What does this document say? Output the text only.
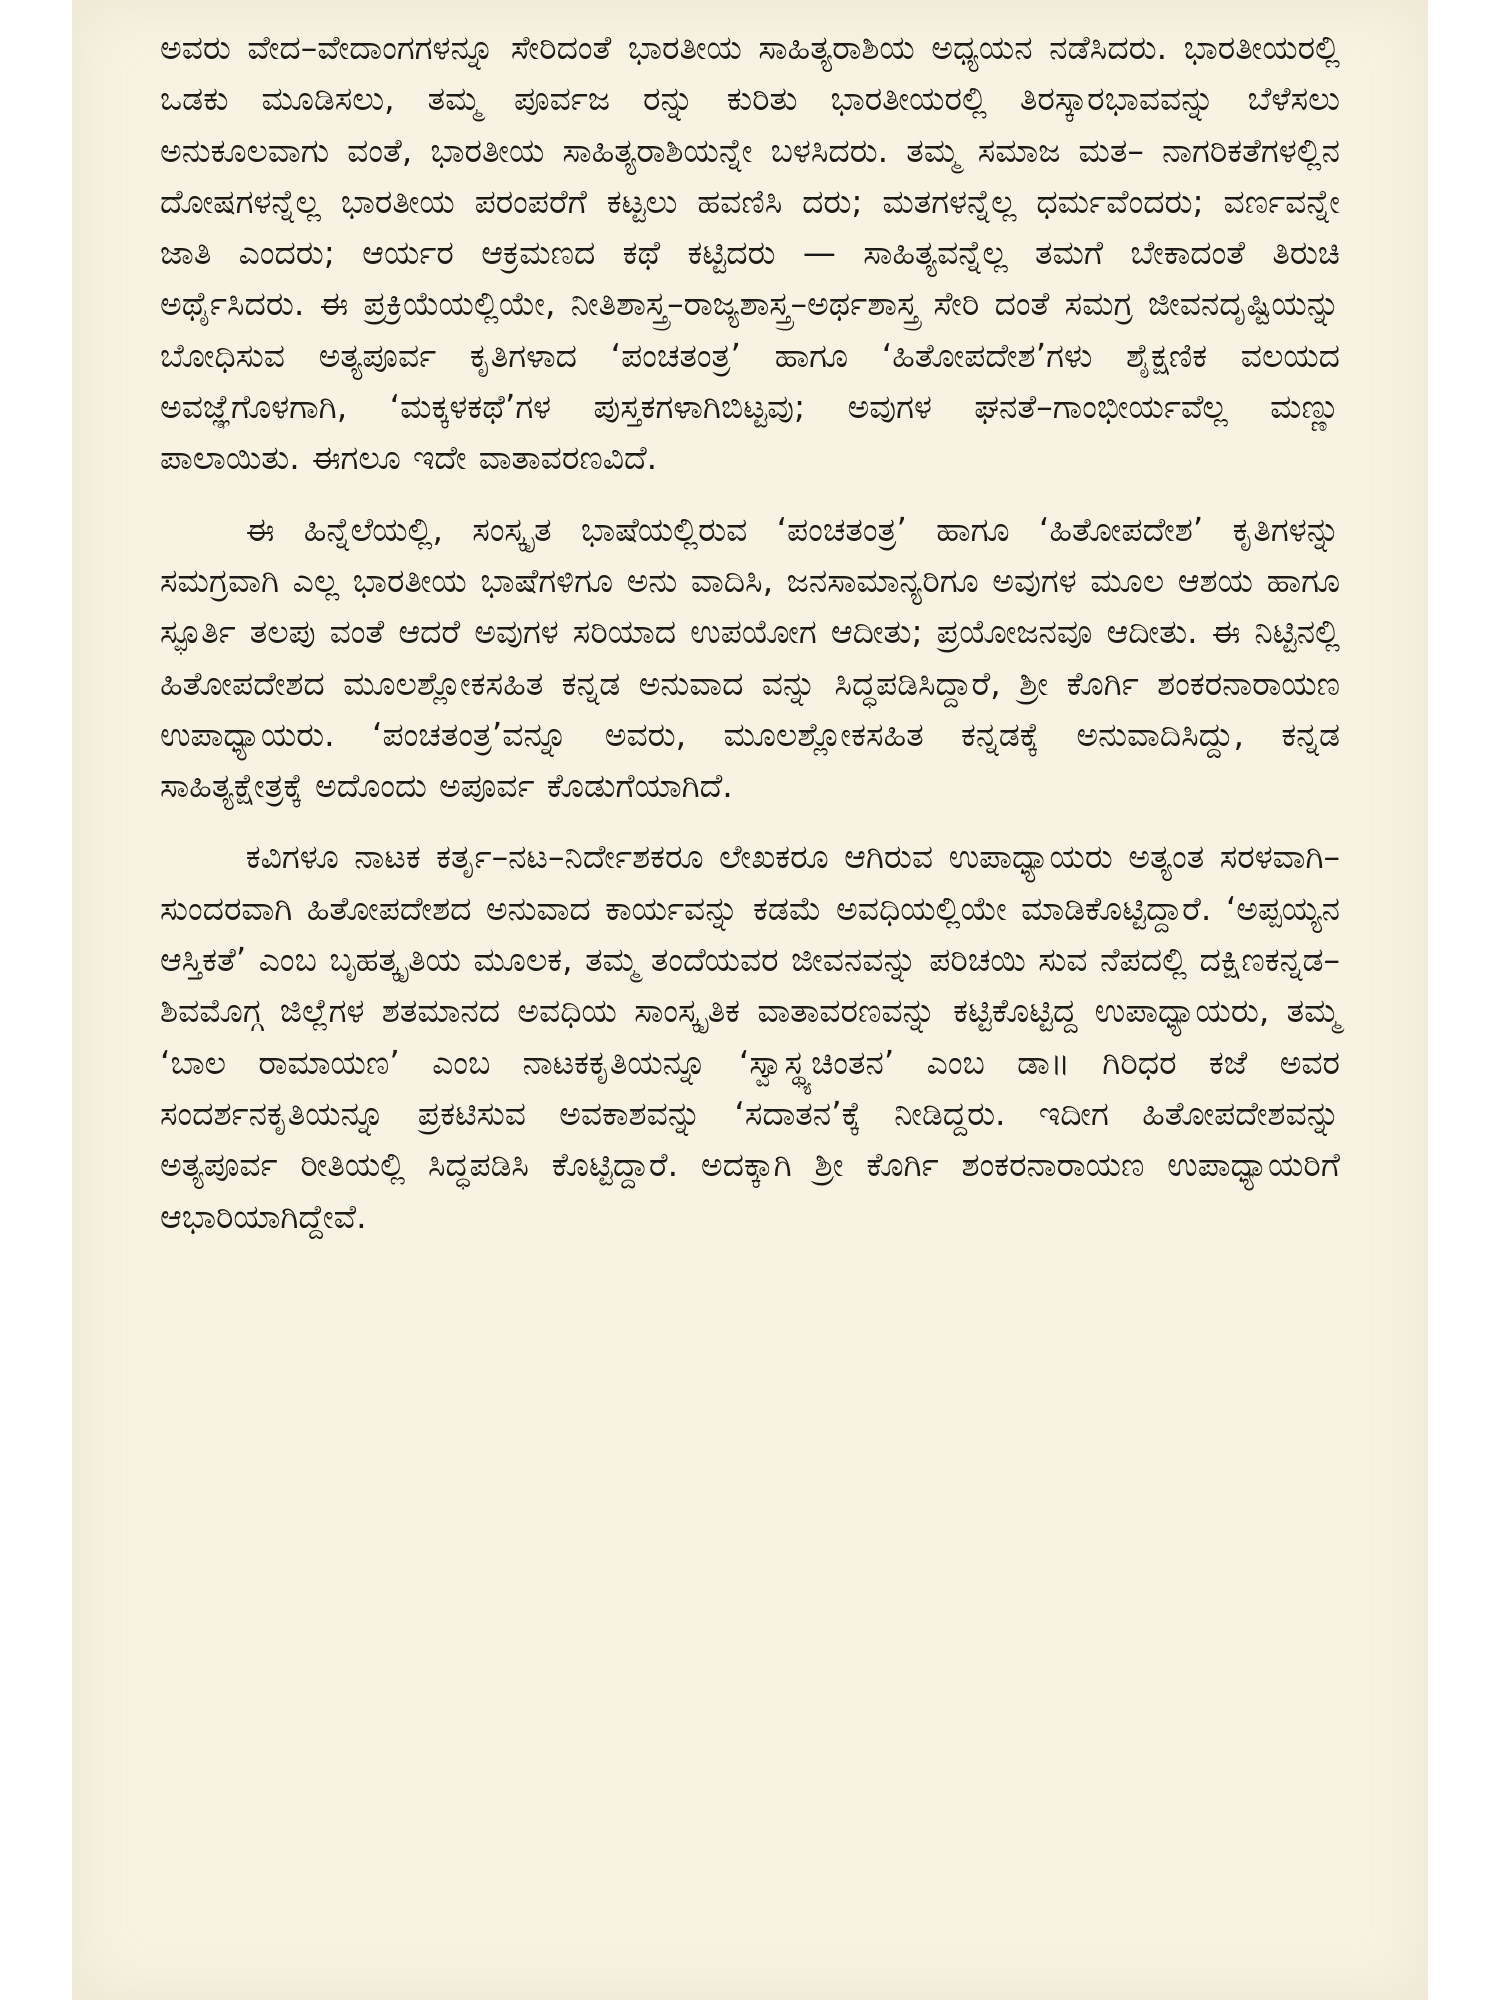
ಅವರು ವೇದ–ವೇದಾಂಗಗಳನ್ನೂ ಸೇರಿದಂತೆ ಭಾರತೀಯ ಸಾಹಿತ್ಯರಾಶಿಯ ಅಧ್ಯಯನ ನಡೆಸಿದರು. ಭಾರತೀಯರಲ್ಲಿ ಒಡಕು ಮೂಡಿಸಲು, ತಮ್ಮ ಪೂರ್ವಜ ರನ್ನು ಕುರಿತು ಭಾರತೀಯರಲ್ಲಿ ತಿರಸ್ಕಾರಭಾವವನ್ನು ಬೆಳೆಸಲು ಅನುಕೂಲವಾಗು ವಂತೆ, ಭಾರತೀಯ ಸಾಹಿತ್ಯರಾಶಿಯನ್ನೇ ಬಳಸಿದರು. ತಮ್ಮ ಸಮಾಜ ಮತ– ನಾಗರಿಕತೆಗಳಲ್ಲಿನ ದೋಷಗಳನ್ನೆಲ್ಲ ಭಾರತೀಯ ಪರಂಪರೆಗೆ ಕಟ್ಟಲು ಹವಣಿಸಿ ದರು; ಮತಗಳನ್ನೆಲ್ಲ ಧರ್ಮವೆಂದರು; ವರ್ಣವನ್ನೇ ಜಾತಿ ಎಂದರು; ಆರ್ಯರ ಆಕ್ರಮಣದ ಕಥೆ ಕಟ್ಟಿದರು — ಸಾಹಿತ್ಯವನ್ನೆಲ್ಲ ತಮಗೆ ಬೇಕಾದಂತೆ ತಿರುಚಿ ಅರ್ಥೈಸಿದರು. ಈ ಪ್ರಕ್ರಿಯೆಯಲ್ಲಿಯೇ, ನೀತಿಶಾಸ್ತ್ರ–ರಾಜ್ಯಶಾಸ್ತ್ರ–ಅರ್ಥಶಾಸ್ತ್ರ ಸೇರಿ ದಂತೆ ಸಮಗ್ರ ಜೀವನದೃಷ್ಟಿಯನ್ನು ಬೋಧಿಸುವ ಅತ್ಯಪೂರ್ವ ಕೃತಿಗಳಾದ ‘ಪಂಚತಂತ್ರ’ ಹಾಗೂ ‘ಹಿತೋಪದೇಶ’ಗಳು ಶೈಕ್ಷಣಿಕ ವಲಯದ ಅವಜ್ಞೆಗೊಳಗಾಗಿ, ‘ಮಕ್ಕಳಕಥೆ’ಗಳ ಪುಸ್ತಕಗಳಾಗಿಬಿಟ್ಟವು; ಅವುಗಳ ಘನತೆ–ಗಾಂಭೀರ್ಯವೆಲ್ಲ ಮಣ್ಣು ಪಾಲಾಯಿತು. ಈಗಲೂ ಇದೇ ವಾತಾವರಣವಿದೆ.

ಈ ಹಿನ್ನೆಲೆಯಲ್ಲಿ, ಸಂಸ್ಕೃತ ಭಾಷೆಯಲ್ಲಿರುವ ‘ಪಂಚತಂತ್ರ’ ಹಾಗೂ ‘ಹಿತೋಪದೇಶ’ ಕೃತಿಗಳನ್ನು ಸಮಗ್ರವಾಗಿ ಎಲ್ಲ ಭಾರತೀಯ ಭಾಷೆಗಳಿಗೂ ಅನು ವಾದಿಸಿ, ಜನಸಾಮಾನ್ಯರಿಗೂ ಅವುಗಳ ಮೂಲ ಆಶಯ ಹಾಗೂ ಸ್ಫೂರ್ತಿ ತಲಪು ವಂತೆ ಆದರೆ ಅವುಗಳ ಸರಿಯಾದ ಉಪಯೋಗ ಆದೀತು; ಪ್ರಯೋಜನವೂ ಆದೀತು. ಈ ನಿಟ್ಟಿನಲ್ಲಿ ಹಿತೋಪದೇಶದ ಮೂಲಶ್ಲೋಕಸಹಿತ ಕನ್ನಡ ಅನುವಾದ ವನ್ನು ಸಿದ್ಧಪಡಿಸಿದ್ದಾರೆ, ಶ್ರೀ ಕೊರ್ಗಿ ಶಂಕರನಾರಾಯಣ ಉಪಾಧ್ಯಾಯರು. ‘ಪಂಚತಂತ್ರ’ವನ್ನೂ ಅವರು, ಮೂಲಶ್ಲೋಕಸಹಿತ ಕನ್ನಡಕ್ಕೆ ಅನುವಾದಿಸಿದ್ದು, ಕನ್ನಡ ಸಾಹಿತ್ಯಕ್ಷೇತ್ರಕ್ಕೆ ಅದೊಂದು ಅಪೂರ್ವ ಕೊಡುಗೆಯಾಗಿದೆ.

ಕವಿಗಳೂ ನಾಟಕ ಕರ್ತೃ–ನಟ–ನಿರ್ದೇಶಕರೂ ಲೇಖಕರೂ ಆಗಿರುವ ಉಪಾಧ್ಯಾಯರು ಅತ್ಯಂತ ಸರಳವಾಗಿ–ಸುಂದರವಾಗಿ ಹಿತೋಪದೇಶದ ಅನುವಾದ ಕಾರ್ಯವನ್ನು ಕಡಮೆ ಅವಧಿಯಲ್ಲಿಯೇ ಮಾಡಿಕೊಟ್ಟಿದ್ದಾರೆ. ‘ಅಪ್ಪಯ್ಯನ ಆಸ್ತಿಕತೆ’ ಎಂಬ ಬೃಹತ್ಕೃತಿಯ ಮೂಲಕ, ತಮ್ಮ ತಂದೆಯವರ ಜೀವನವನ್ನು ಪರಿಚಯಿ ಸುವ ನೆಪದಲ್ಲಿ ದಕ್ಷಿಣಕನ್ನಡ–ಶಿವಮೊಗ್ಗ ಜಿಲ್ಲೆಗಳ ಶತಮಾನದ ಅವಧಿಯ ಸಾಂಸ್ಕೃತಿಕ ವಾತಾವರಣವನ್ನು ಕಟ್ಟಿಕೊಟ್ಟಿದ್ದ ಉಪಾಧ್ಯಾಯರು, ತಮ್ಮ ‘ಬಾಲ ರಾಮಾಯಣ’ ಎಂಬ ನಾಟಕಕೃತಿಯನ್ನೂ ‘ಸ್ವಾಸ್ಥ್ಯಚಿಂತನ’ ಎಂಬ ಡಾ॥ ಗಿರಿಧರ ಕಜೆ ಅವರ ಸಂದರ್ಶನಕೃತಿಯನ್ನೂ ಪ್ರಕಟಿಸುವ ಅವಕಾಶವನ್ನು ‘ಸದಾತನ’ಕ್ಕೆ ನೀಡಿದ್ದರು. ಇದೀಗ ಹಿತೋಪದೇಶವನ್ನು ಅತ್ಯಪೂರ್ವ ರೀತಿಯಲ್ಲಿ ಸಿದ್ಧಪಡಿಸಿ ಕೊಟ್ಟಿದ್ದಾರೆ. ಅದಕ್ಕಾಗಿ ಶ್ರೀ ಕೊರ್ಗಿ ಶಂಕರನಾರಾಯಣ ಉಪಾಧ್ಯಾಯರಿಗೆ ಆಭಾರಿಯಾಗಿದ್ದೇವೆ.
